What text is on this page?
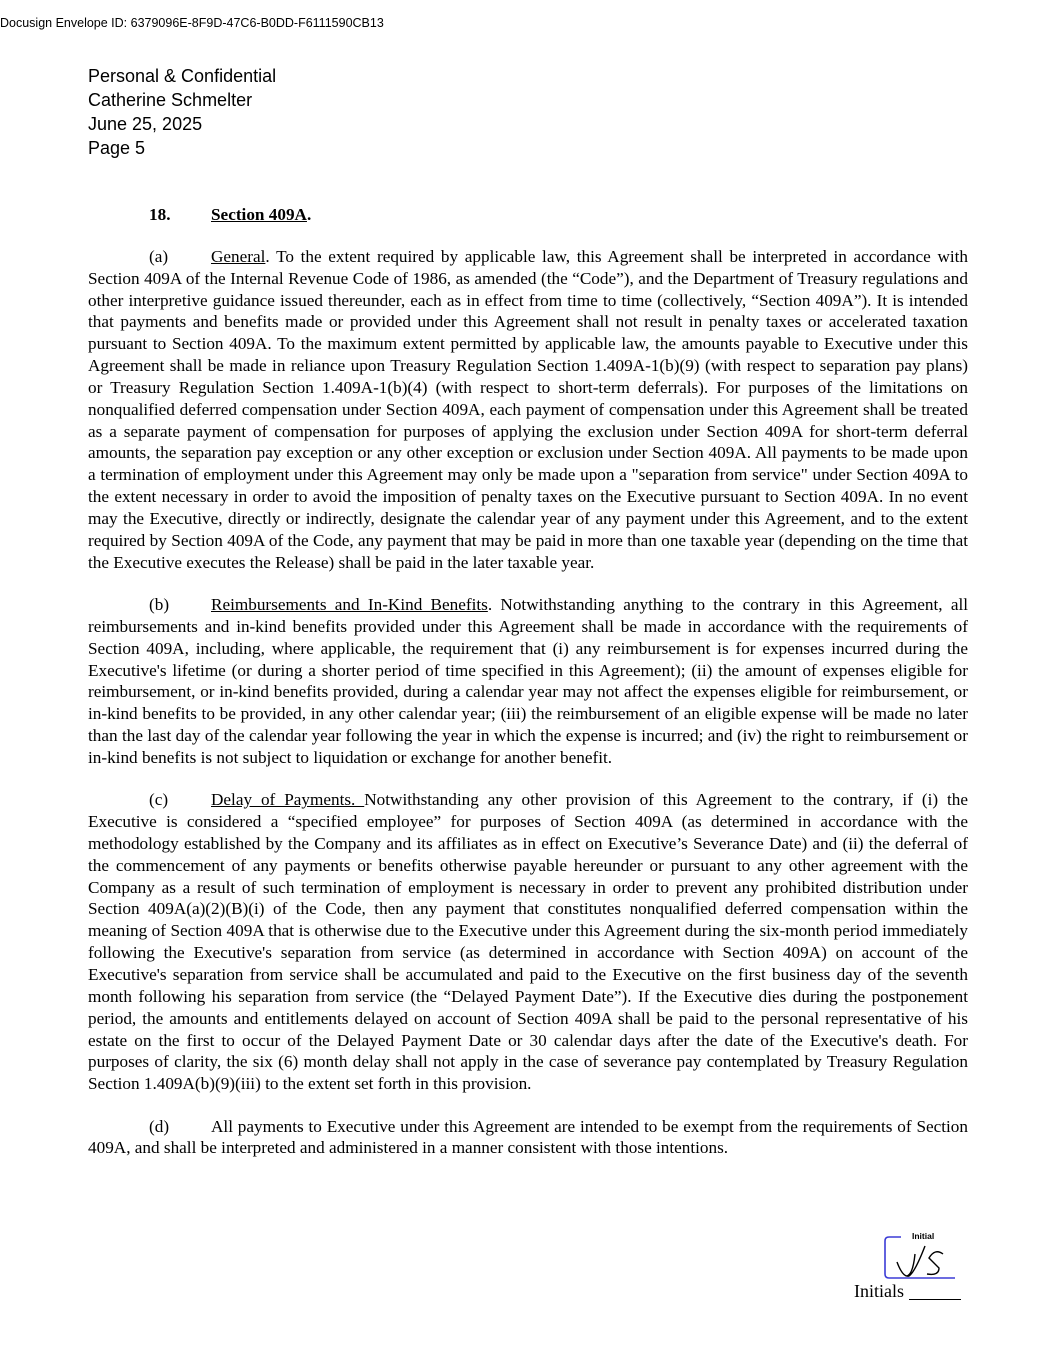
Docusign Envelope ID: 6379096E-8F9D-47C6-B0DD-F6111590CB13
Personal & Confidential
Catherine Schmelter
June 25, 2025
Page 5

18. Section 409A.

(a) General. To the extent required by applicable law, this Agreement shall be interpreted in accordance with Section 409A of the Internal Revenue Code of 1986, as amended (the “Code”), and the Department of Treasury regulations and other interpretive guidance issued thereunder, each as in effect from time to time (collectively, “Section 409A”). It is intended that payments and benefits made or provided under this Agreement shall not result in penalty taxes or accelerated taxation pursuant to Section 409A. To the maximum extent permitted by applicable law, the amounts payable to Executive under this Agreement shall be made in reliance upon Treasury Regulation Section 1.409A-1(b)(9) (with respect to separation pay plans) or Treasury Regulation Section 1.409A-1(b)(4) (with respect to short-term deferrals). For purposes of the limitations on nonqualified deferred compensation under Section 409A, each payment of compensation under this Agreement shall be treated as a separate payment of compensation for purposes of applying the exclusion under Section 409A for short-term deferral amounts, the separation pay exception or any other exception or exclusion under Section 409A. All payments to be made upon a termination of employment under this Agreement may only be made upon a "separation from service" under Section 409A to the extent necessary in order to avoid the imposition of penalty taxes on the Executive pursuant to Section 409A. In no event may the Executive, directly or indirectly, designate the calendar year of any payment under this Agreement, and to the extent required by Section 409A of the Code, any payment that may be paid in more than one taxable year (depending on the time that the Executive executes the Release) shall be paid in the later taxable year.

(b) Reimbursements and In-Kind Benefits. Notwithstanding anything to the contrary in this Agreement, all reimbursements and in-kind benefits provided under this Agreement shall be made in accordance with the requirements of Section 409A, including, where applicable, the requirement that (i) any reimbursement is for expenses incurred during the Executive's lifetime (or during a shorter period of time specified in this Agreement); (ii) the amount of expenses eligible for reimbursement, or in-kind benefits provided, during a calendar year may not affect the expenses eligible for reimbursement, or in-kind benefits to be provided, in any other calendar year; (iii) the reimbursement of an eligible expense will be made no later than the last day of the calendar year following the year in which the expense is incurred; and (iv) the right to reimbursement or in-kind benefits is not subject to liquidation or exchange for another benefit.

(c) Delay of Payments. Notwithstanding any other provision of this Agreement to the contrary, if (i) the Executive is considered a “specified employee” for purposes of Section 409A (as determined in accordance with the methodology established by the Company and its affiliates as in effect on Executive’s Severance Date) and (ii) the deferral of the commencement of any payments or benefits otherwise payable hereunder or pursuant to any other agreement with the Company as a result of such termination of employment is necessary in order to prevent any prohibited distribution under Section 409A(a)(2)(B)(i) of the Code, then any payment that constitutes nonqualified deferred compensation within the meaning of Section 409A that is otherwise due to the Executive under this Agreement during the six-month period immediately following the Executive's separation from service (as determined in accordance with Section 409A) on account of the Executive's separation from service shall be accumulated and paid to the Executive on the first business day of the seventh month following his separation from service (the “Delayed Payment Date”). If the Executive dies during the postponement period, the amounts and entitlements delayed on account of Section 409A shall be paid to the personal representative of his estate on the first to occur of the Delayed Payment Date or 30 calendar days after the date of the Executive's death. For purposes of clarity, the six (6) month delay shall not apply in the case of severance pay contemplated by Treasury Regulation Section 1.409A(b)(9)(iii) to the extent set forth in this provision.

(d) All payments to Executive under this Agreement are intended to be exempt from the requirements of Section 409A, and shall be interpreted and administered in a manner consistent with those intentions.

Initial
Initials
